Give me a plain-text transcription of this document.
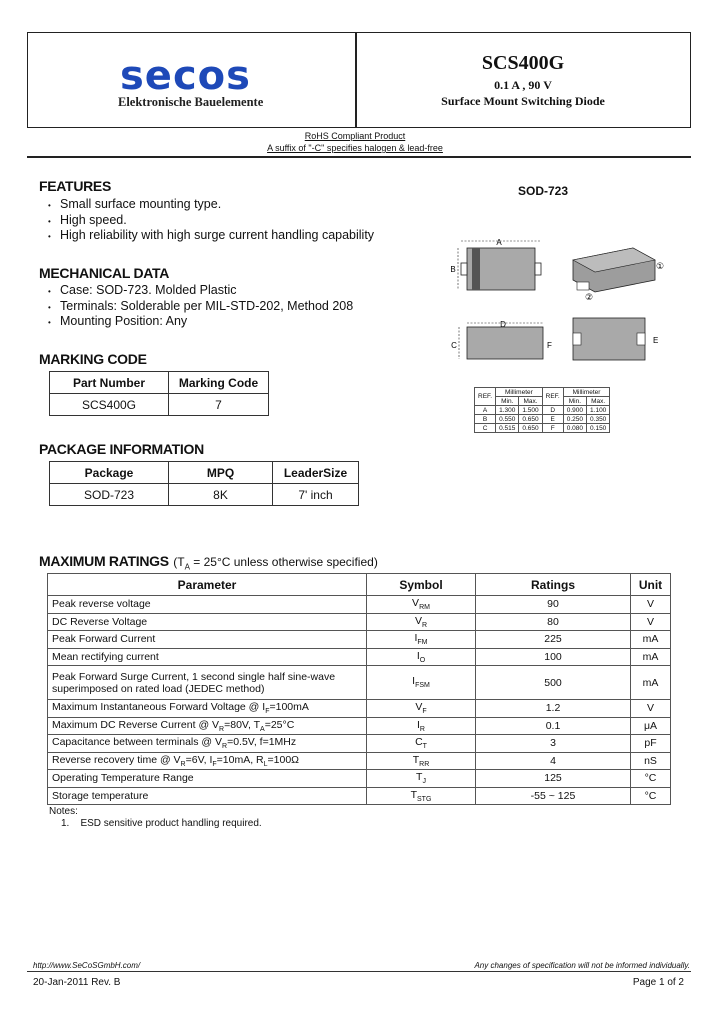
secos
Elektronische Bauelemente
SCS400G
0.1 A , 90 V
Surface Mount Switching Diode
RoHS Compliant Product
A suffix of "-C" specifies halogen & lead-free
FEATURES
• Small surface mounting type.
• High speed.
• High reliability with high surge current handling capability
MECHANICAL DATA
• Case: SOD-723. Molded Plastic
• Terminals: Solderable per MIL-STD-202, Method 208
• Mounting Position: Any
MARKING CODE
Part Number	Marking Code
SCS400G	7
PACKAGE INFORMATION
Package	MPQ	LeaderSize
SOD-723	8K	7' inch
SOD-723
A
B	①
②
D
C	F
E
REF.	Millimeter		REF.	Millimeter	
	Min.	Max.		Min.	Max.
A	1.300	1.500	D	0.900	1.100
B	0.550	0.650	E	0.250	0.350
C	0.515	0.650	F	0.080	0.150
MAXIMUM RATINGS ($T_A = 25^\circ C$ unless otherwise specified)
Parameter	Symbol	Ratings	Unit
Peak reverse voltage	$V_{RM}$	90	V
DC Reverse Voltage	$V_R$	80	V
Peak Forward Current	$I_{FM}$	225	mA
Mean rectifying current	$I_O$	100	mA
Peak Forward Surge Current, 1 second single half sine-wave
superimposed on rated load (JEDEC method)	$I_{FSM}$	500	mA
Maximum Instantaneous Forward Voltage @ $I_F=100mA$	$V_F$	1.2	V
Maximum DC Reverse Current @ $V_R=80V$, $T_A=25^\circ C$	$I_R$	0.1	μA
Capacitance between terminals @ $V_R=0.5V$, f=1MHz	$C_T$	3	pF
Reverse recovery time @ $V_R=6V$, $I_F=10mA$, $R_L=100\Omega$	$T_{RR}$	4	nS
Operating Temperature Range	$T_J$	125	°C
Storage temperature	$T_{STG}$	-55 ~ 125	°C
Notes:
1.    ESD sensitive product handling required.
http://www.SeCoSGmbH.com/	Any changes of specification will not be informed individually.
20-Jan-2011 Rev. B	Page 1 of 2
